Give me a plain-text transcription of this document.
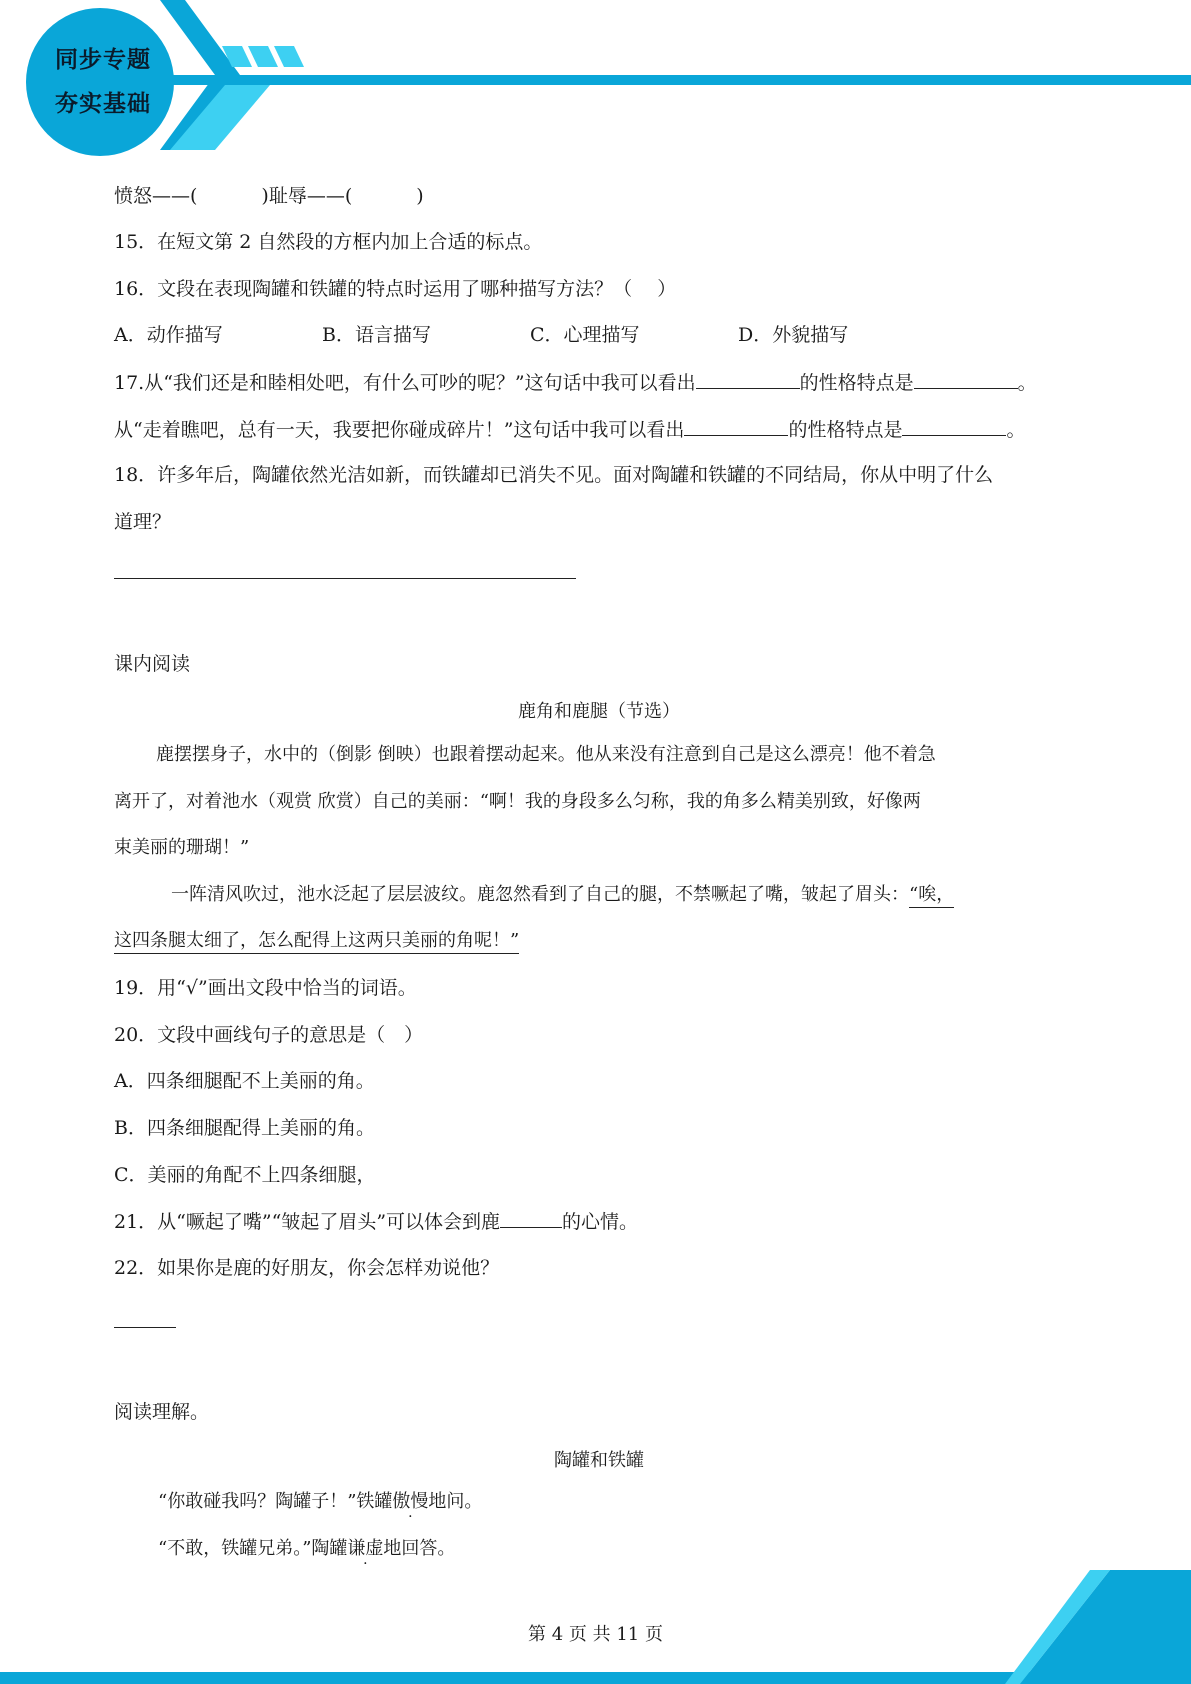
同步专题
夯实基础
愤怒——(	)耻辱——(	)
15．在短文第 2 自然段的方框内加上合适的标点。
16．文段在表现陶罐和铁罐的特点时运用了哪种描写方法？（　 ）
A．动作描写	B．语言描写	C．心理描写	D．外貌描写
17.从“我们还是和睦相处吧，有什么可吵的呢？”这句话中我可以看出	的性格特点是	。
从“走着瞧吧，总有一天，我要把你碰成碎片！”这句话中我可以看出	的性格特点是	。
18．许多年后，陶罐依然光洁如新，而铁罐却已消失不见。面对陶罐和铁罐的不同结局，你从中明了什么
道理？
课内阅读
鹿角和鹿腿（节选）
鹿摆摆身子，水中的（倒影 倒映）也跟着摆动起来。他从来没有注意到自己是这么漂亮！他不着急
离开了，对着池水（观赏 欣赏）自己的美丽：“啊！我的身段多么匀称，我的角多么精美别致，好像两
束美丽的珊瑚！”
一阵清风吹过，池水泛起了层层波纹。鹿忽然看到了自己的腿，不禁噘起了嘴，皱起了眉头：“唉，
这四条腿太细了，怎么配得上这两只美丽的角呢！”
19．用“√”画出文段中恰当的词语。
20．文段中画线句子的意思是（　）
A．四条细腿配不上美丽的角。
B．四条细腿配得上美丽的角。
C．美丽的角配不上四条细腿，
21．从“噘起了嘴”“皱起了眉头”可以体会到鹿	的心情。
22．如果你是鹿的好朋友，你会怎样劝说他？
阅读理解。
陶罐和铁罐
“你敢碰我吗？陶罐子！”铁罐傲慢地问。
“不敢，铁罐兄弟。”陶罐谦虚地回答。
第 4 页 共 11 页
